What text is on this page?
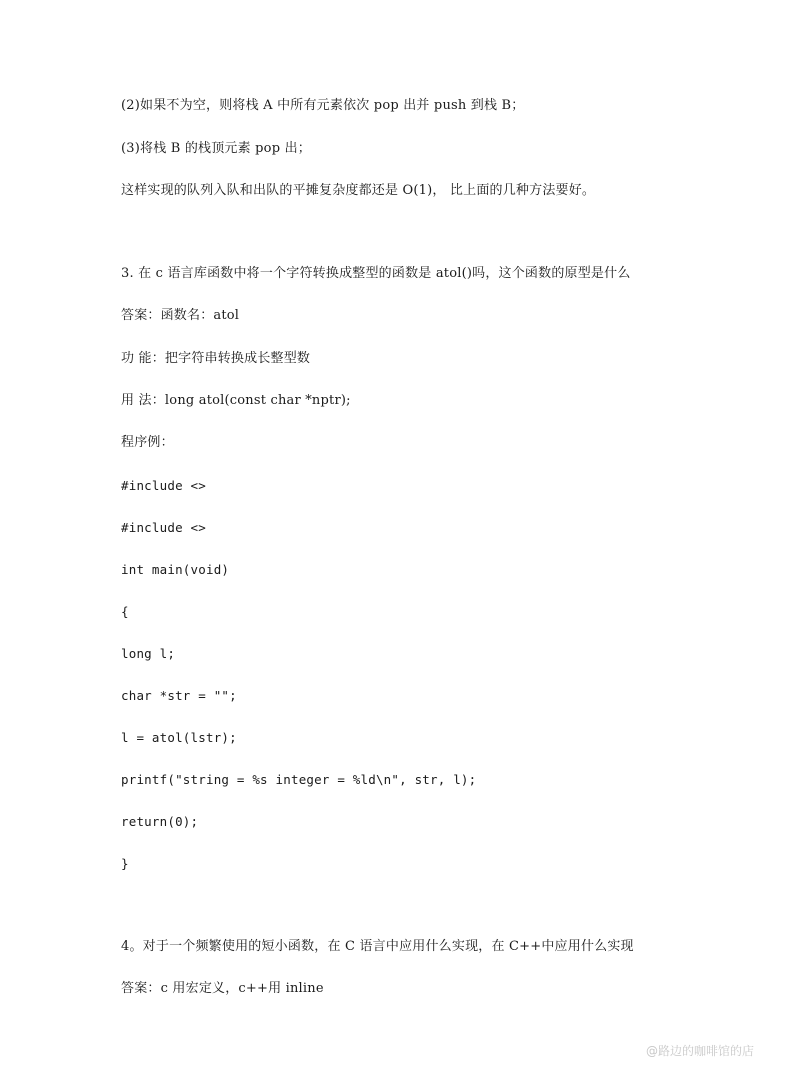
(2)如果不为空，则将栈 A 中所有元素依次 pop 出并 push 到栈 B；
(3)将栈 B 的栈顶元素 pop 出；
这样实现的队列入队和出队的平摊复杂度都还是 O(1)， 比上面的几种方法要好。
3. 在 c 语言库函数中将一个字符转换成整型的函数是 atol()吗，这个函数的原型是什么
答案：函数名：atol
功 能：把字符串转换成长整型数
用 法：long atol(const char *nptr);
程序例：
#include <>
#include <>
int main(void)
{
long l;
char *str = "";
l = atol(lstr);
printf("string = %s integer = %ld\n", str, l);
return(0);
}
4。对于一个频繁使用的短小函数，在 C 语言中应用什么实现，在 C++中应用什么实现
答案：c 用宏定义，c++用 inline
@路边的咖啡馆的店
